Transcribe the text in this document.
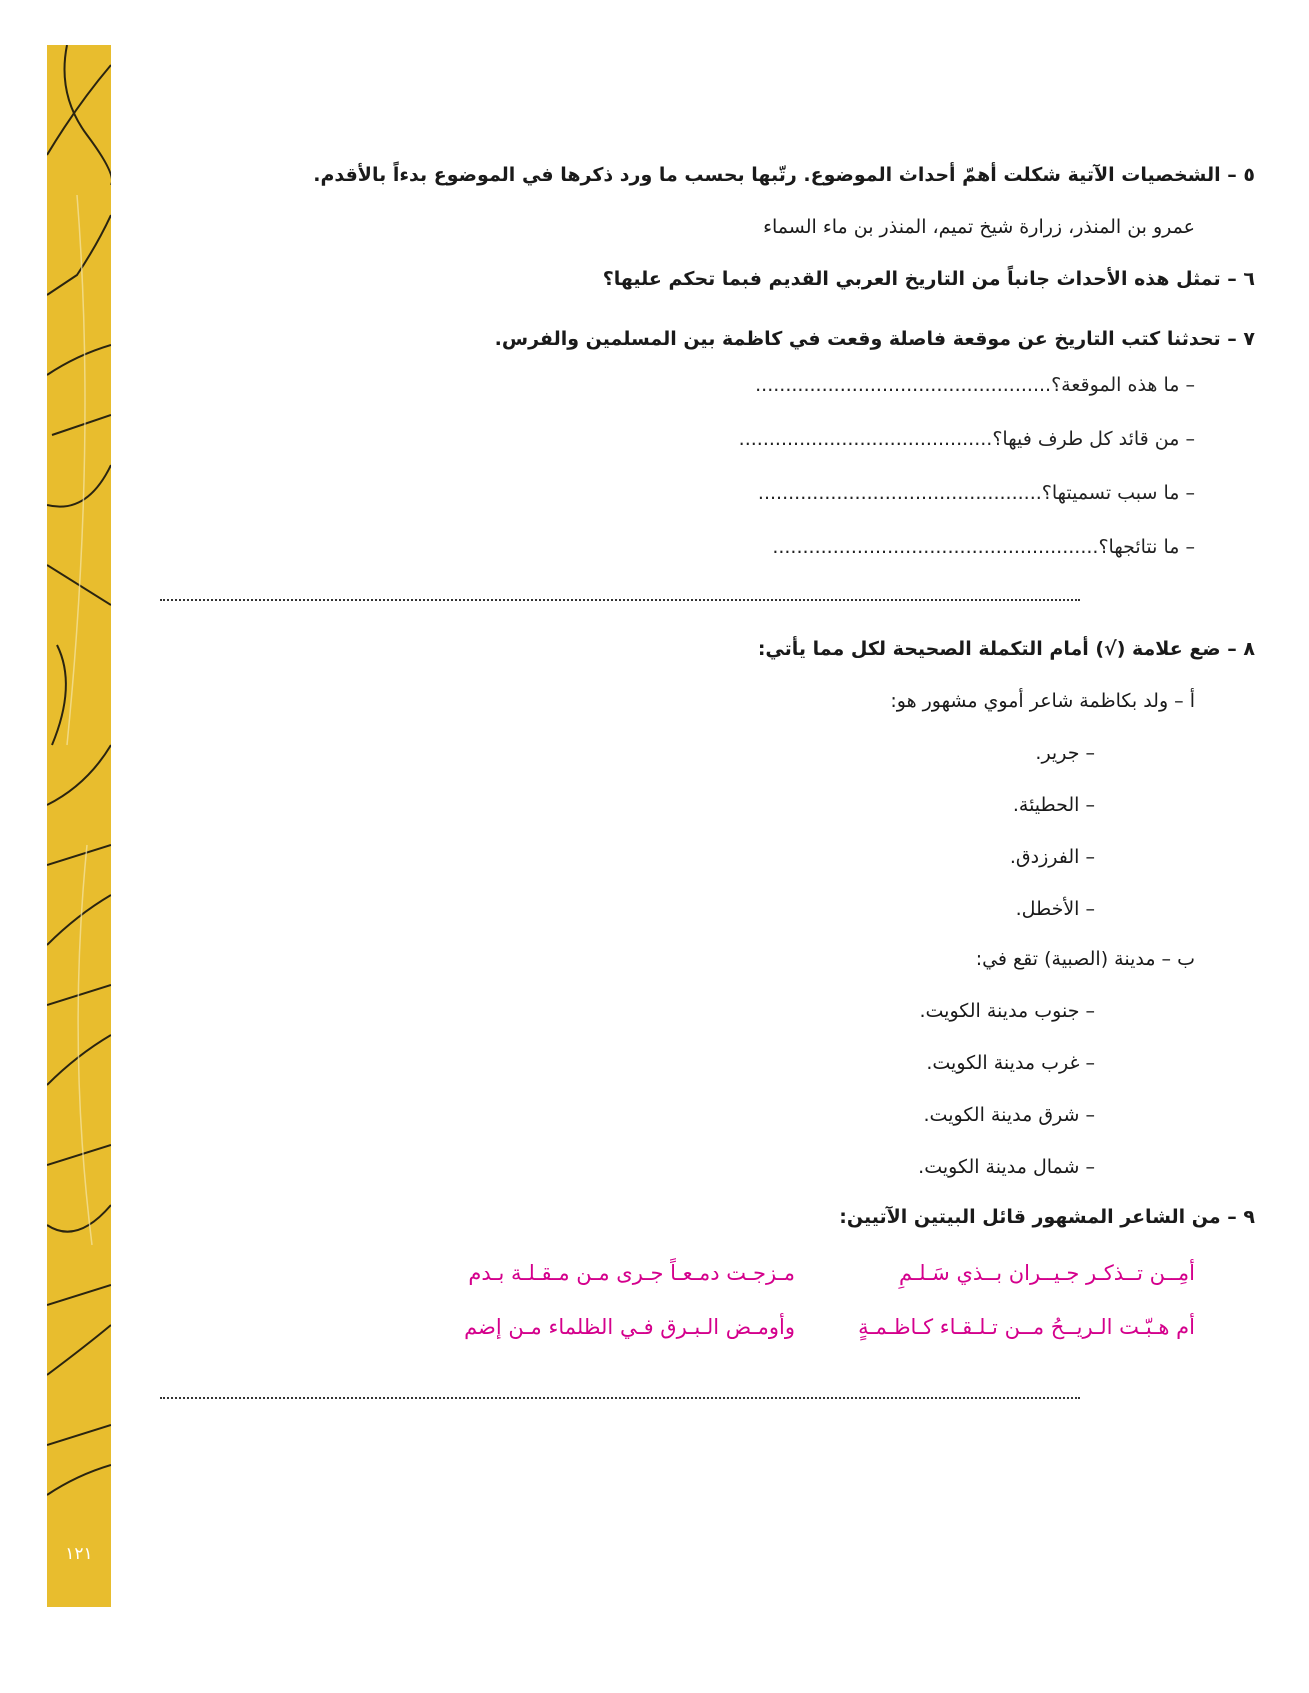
١٢١
٥ – الشخصيات الآتية شكلت أهمّ أحداث الموضوع. رتّبها بحسب ما ورد ذكرها في الموضوع بدءاً بالأقدم.
عمرو بن المنذر، زرارة شيخ تميم، المنذر بن ماء السماء
٦ – تمثل هذه الأحداث جانباً من التاريخ العربي القديم فبما تحكم عليها؟
٧ – تحدثنا كتب التاريخ عن موقعة فاصلة وقعت في كاظمة بين المسلمين والفرس.
– ما هذه الموقعة؟.................................................
– من قائد كل طرف فيها؟..........................................
– ما سبب تسميتها؟...............................................
– ما نتائجها؟......................................................
٨ – ضع علامة (√) أمام التكملة الصحيحة لكل مما يأتي:
أ – ولد بكاظمة شاعر أموي مشهور هو:
– جرير.
– الحطيئة.
– الفرزدق.
– الأخطل.
ب – مدينة (الصبية) تقع في:
– جنوب مدينة الكويت.
– غرب مدينة الكويت.
– شرق مدينة الكويت.
– شمال مدينة الكويت.
٩ – من الشاعر المشهور قائل البيتين الآتيين:
أمِــن تــذكـر جـيــران بــذي سَـلـمِ
مـزجـت دمـعـاً جـرى مـن مـقـلـة بـدم
أم هـبّـت الـريــحُ مــن تـلـقـاء كـاظـمـةٍ
وأومـض الـبـرق فـي الظلماء مـن إضم
